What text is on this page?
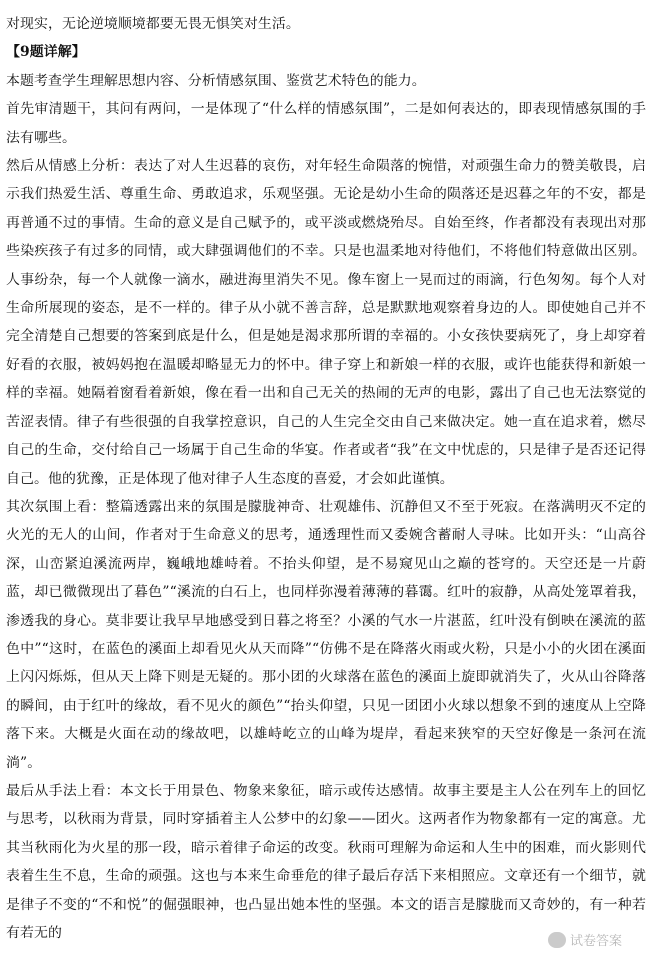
对现实，无论逆境顺境都要无畏无惧笑对生活。

【9题详解】

本题考查学生理解思想内容、分析情感氛围、鉴赏艺术特色的能力。

首先审清题干，其问有两问，一是体现了“什么样的情感氛围”，二是如何表达的，即表现情感氛围的手法有哪些。

然后从情感上分析：表达了对人生迟暮的哀伤，对年轻生命陨落的惋惜，对顽强生命力的赞美敬畏，启示我们热爱生活、尊重生命、勇敢追求，乐观坚强。无论是幼小生命的陨落还是迟暮之年的不安，都是再普通不过的事情。生命的意义是自己赋予的，或平淡或燃烧殆尽。自始至终，作者都没有表现出对那些染疾孩子有过多的同情，或大肆强调他们的不幸。只是也温柔地对待他们，不将他们特意做出区别。人事纷杂，每一个人就像一滴水，融进海里消失不见。像车窗上一晃而过的雨滴，行色匆匆。每个人对生命所展现的姿态，是不一样的。律子从小就不善言辞，总是默默地观察着身边的人。即使她自己并不完全清楚自己想要的答案到底是什么，但是她是渴求那所谓的幸福的。小女孩快要病死了，身上却穿着好看的衣服，被妈妈抱在温暖却略显无力的怀中。律子穿上和新娘一样的衣服，或许也能获得和新娘一样的幸福。她隔着窗看着新娘，像在看一出和自己无关的热闹的无声的电影，露出了自己也无法察觉的苦涩表情。律子有些很强的自我掌控意识，自己的人生完全交由自己来做决定。她一直在追求着，燃尽自己的生命，交付给自己一场属于自己生命的华宴。作者或者“我”在文中忧虑的，只是律子是否还记得自己。他的犹豫，正是体现了他对律子人生态度的喜爱，才会如此谨慎。

其次氛围上看：整篇透露出来的氛围是朦胧神奇、壮观雄伟、沉静但又不至于死寂。在落满明灭不定的火光的无人的山间，作者对于生命意义的思考，通透理性而又委婉含蓄耐人寻味。比如开头：“山高谷深，山峦紧迫溪流两岸，巍峨地雄峙着。不抬头仰望，是不易窥见山之巅的苍穹的。天空还是一片蔚蓝，却已微微现出了暮色”“溪流的白石上，也同样弥漫着薄薄的暮霭。红叶的寂静，从高处笼罩着我，渗透我的身心。莫非要让我早早地感受到日暮之将至？小溪的气水一片湛蓝，红叶没有倒映在溪流的蓝色中”“这时，在蓝色的溪面上却看见火从天而降”“仿佛不是在降落火雨或火粉，只是小小的火团在溪面上闪闪烁烁，但从天上降下则是无疑的。那小团的火球落在蓝色的溪面上旋即就消失了，火从山谷降落的瞬间，由于红叶的缘故，看不见火的颜色”“抬头仰望，只见一团团小火球以想象不到的速度从上空降落下来。大概是火面在动的缘故吧，以雄峙屹立的山峰为堤岸，看起来狭窄的天空好像是一条河在流淌”。

最后从手法上看：本文长于用景色、物象来象征，暗示或传达感情。故事主要是主人公在列车上的回忆与思考，以秋雨为背景，同时穿插着主人公梦中的幻象——团火。这两者作为物象都有一定的寓意。尤其当秋雨化为火星的那一段，暗示着律子命运的改变。秋雨可理解为命运和人生中的困难，而火影则代表着生生不息，生命的顽强。这也与本来生命垂危的律子最后存活下来相照应。文章还有一个细节，就是律子不变的“不和悦”的倔强眼神，也凸显出她本性的坚强。本文的语言是朦胧而又奇妙的，有一种若有若无的

试卷答案
